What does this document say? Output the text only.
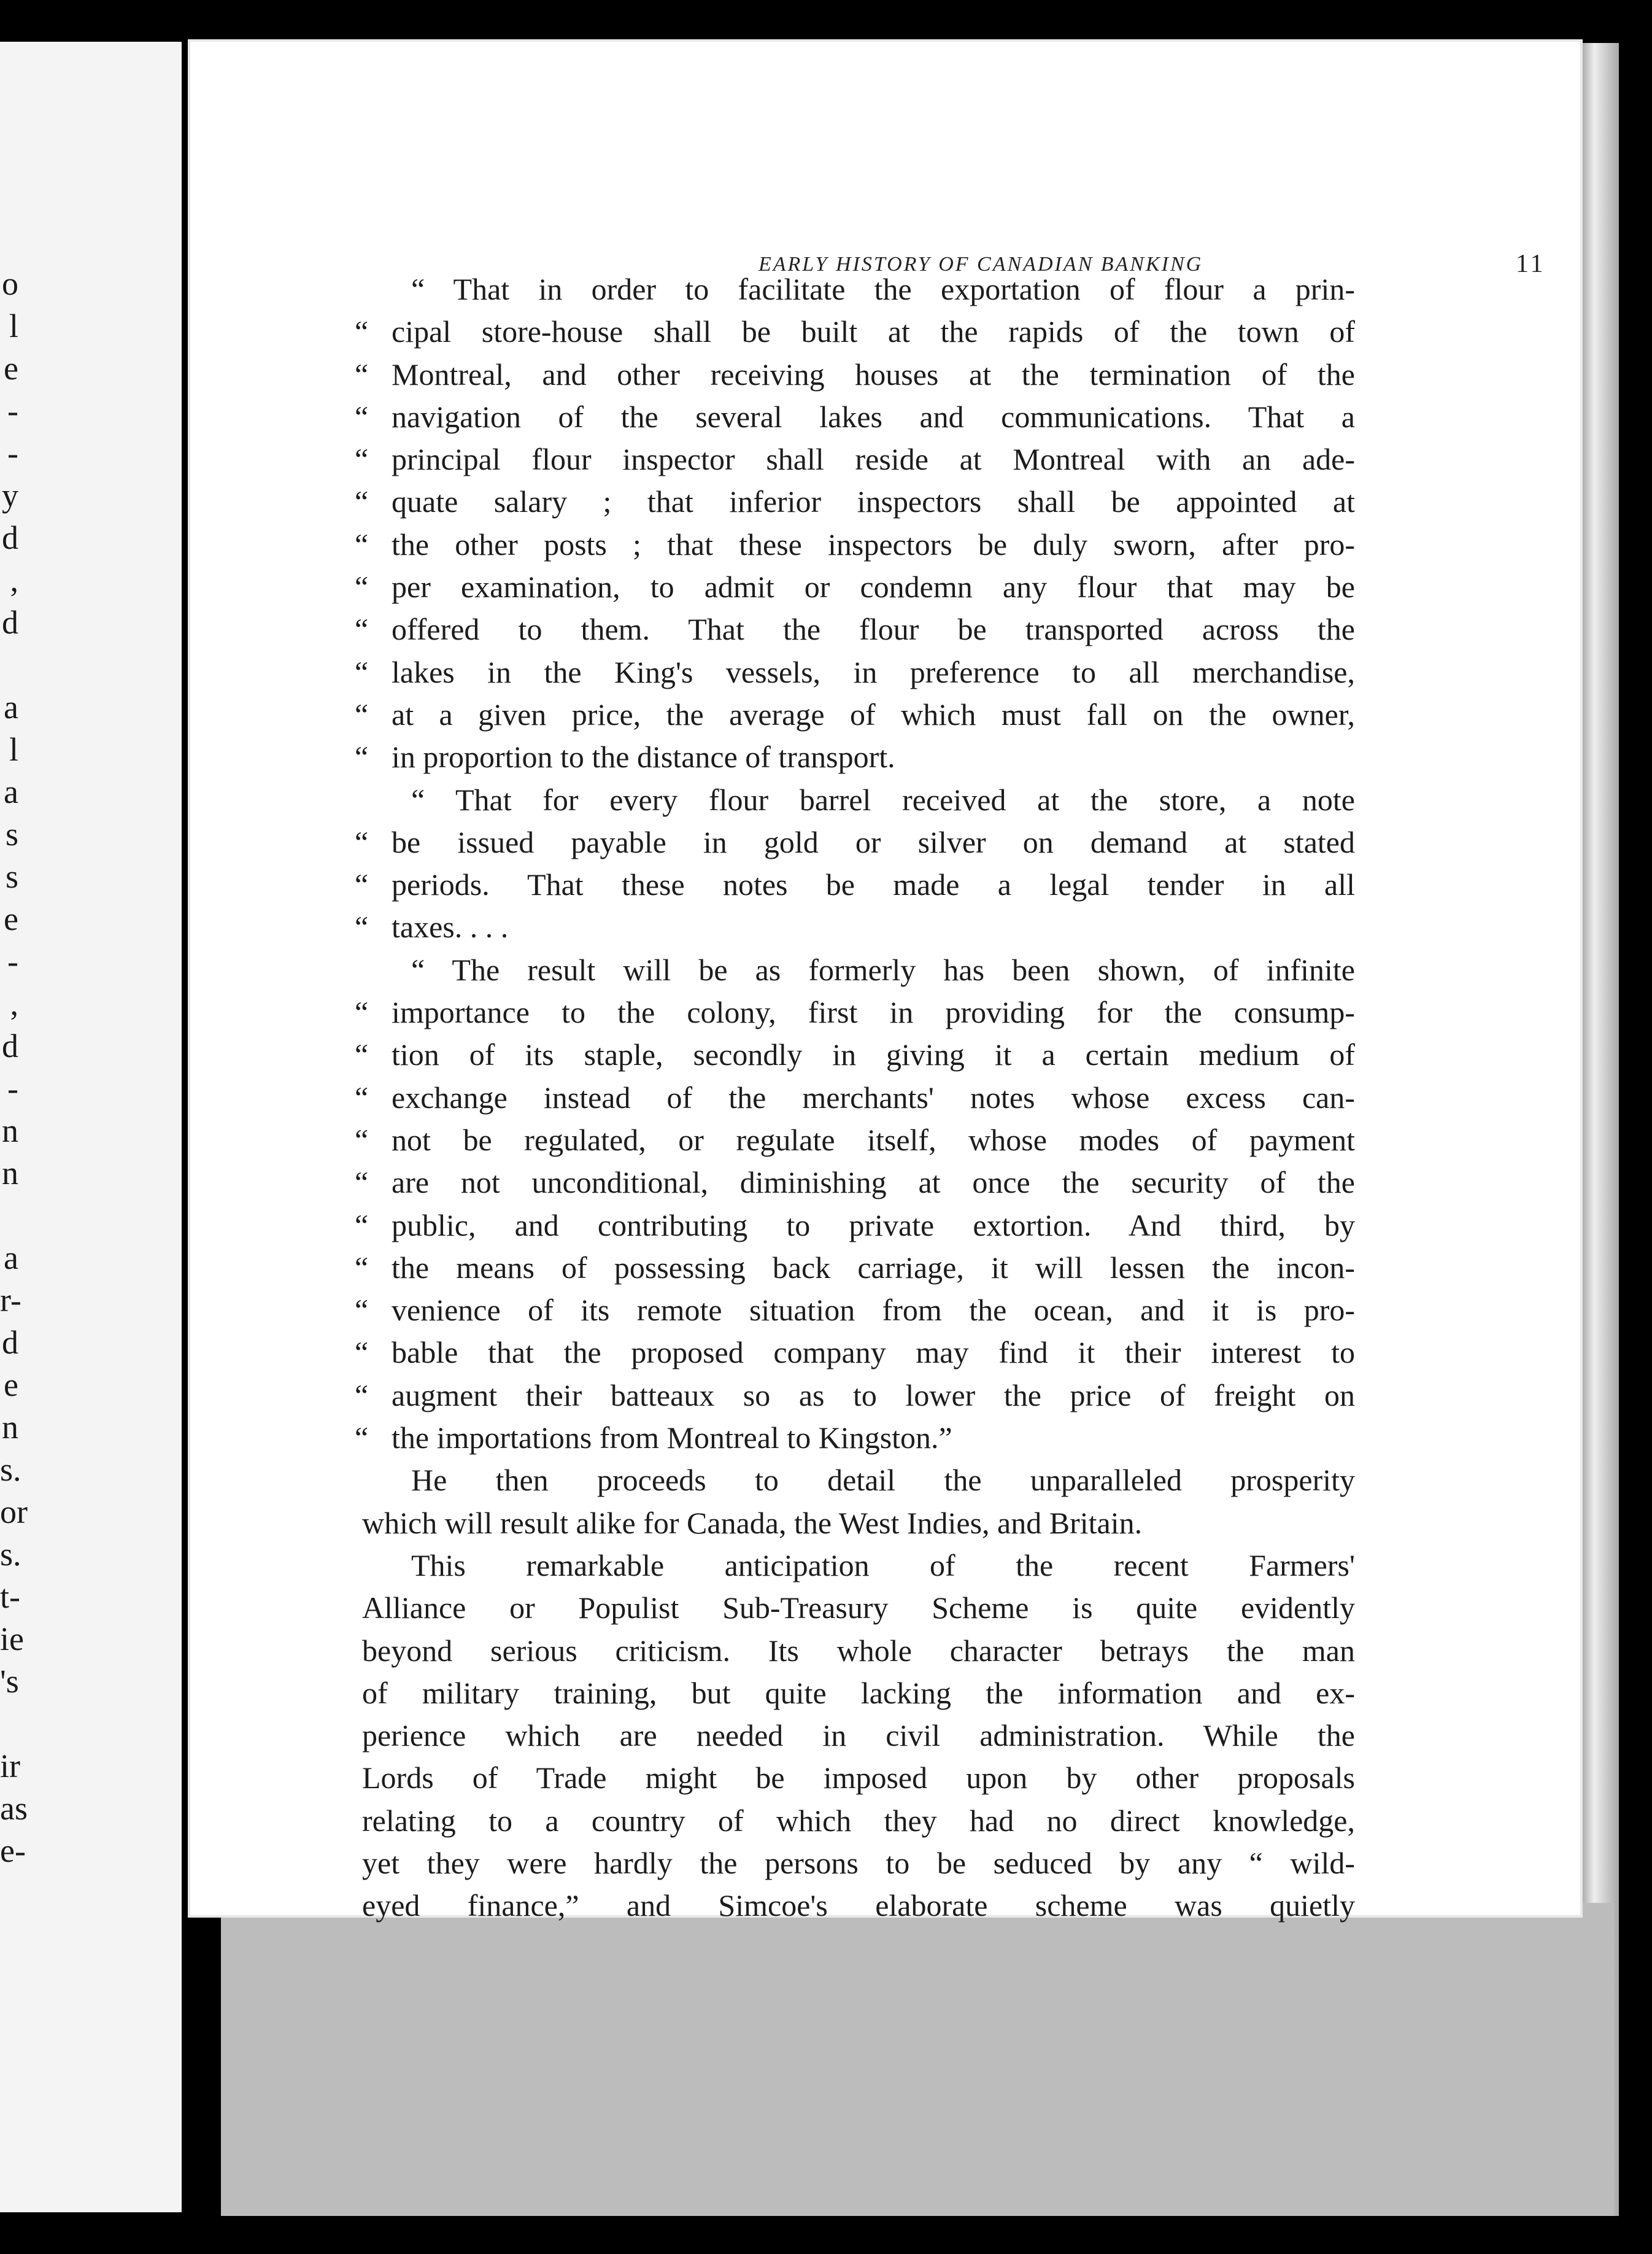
o
l
e
-
-
y
d
,
d
a
l
a
s
s
e
-
,
d
-
n
n
a
r-
d
e
n
s.
or
s.
t-
ie
's
ir
as
e-
EARLY HISTORY OF CANADIAN BANKING	11
“ That in order to facilitate the exportation of flour a prin-
“ cipal store-house shall be built at the rapids of the town of
“ Montreal, and other receiving houses at the termination of the
“ navigation of the several lakes and communications. That a
“ principal flour inspector shall reside at Montreal with an ade-
“ quate salary ; that inferior inspectors shall be appointed at
“ the other posts ; that these inspectors be duly sworn, after pro-
“ per examination, to admit or condemn any flour that may be
“ offered to them. That the flour be transported across the
“ lakes in the King's vessels, in preference to all merchandise,
“ at a given price, the average of which must fall on the owner,
“ in proportion to the distance of transport.
“ That for every flour barrel received at the store, a note
“ be issued payable in gold or silver on demand at stated
“ periods. That these notes be made a legal tender in all
“ taxes. . . .
“ The result will be as formerly has been shown, of infinite
“ importance to the colony, first in providing for the consump-
“ tion of its staple, secondly in giving it a certain medium of
“ exchange instead of the merchants' notes whose excess can-
“ not be regulated, or regulate itself, whose modes of payment
“ are not unconditional, diminishing at once the security of the
“ public, and contributing to private extortion. And third, by
“ the means of possessing back carriage, it will lessen the incon-
“ venience of its remote situation from the ocean, and it is pro-
“ bable that the proposed company may find it their interest to
“ augment their batteaux so as to lower the price of freight on
“ the importations from Montreal to Kingston.”
He then proceeds to detail the unparalleled prosperity
which will result alike for Canada, the West Indies, and Britain.
This remarkable anticipation of the recent Farmers'
Alliance or Populist Sub-Treasury Scheme is quite evidently
beyond serious criticism. Its whole character betrays the man
of military training, but quite lacking the information and ex-
perience which are needed in civil administration. While the
Lords of Trade might be imposed upon by other proposals
relating to a country of which they had no direct knowledge,
yet they were hardly the persons to be seduced by any “ wild-
eyed finance,” and Simcoe's elaborate scheme was quietly
